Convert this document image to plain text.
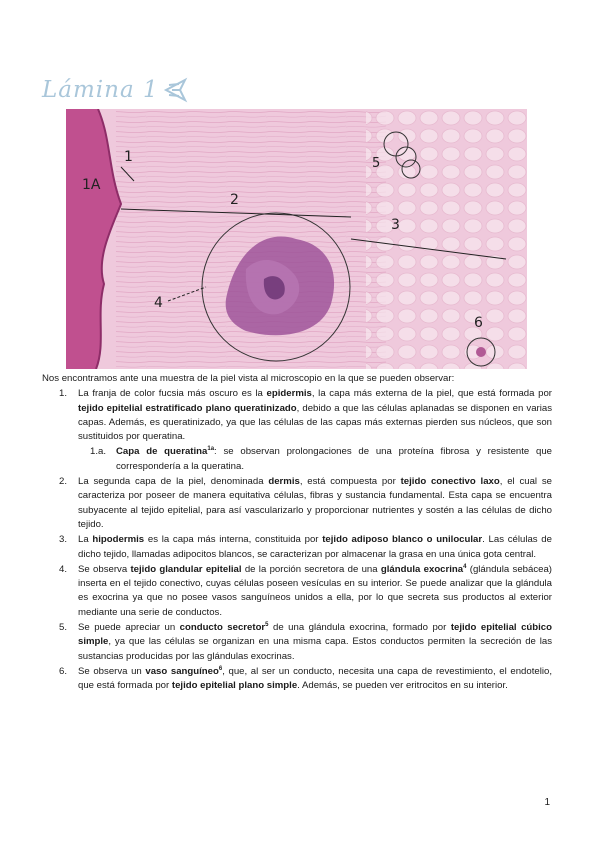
Lámina 1
1A
1
2
3
4
5
6

Nos encontramos ante una muestra de la piel vista al microscopio en la que se pueden observar:

1. La franja de color fucsia más oscuro es la epidermis, la capa más externa de la piel, que está formada por tejido epitelial estratificado plano queratinizado, debido a que las células aplanadas se disponen en varias capas. Además, es queratinizado, ya que las células de las capas más externas pierden sus núcleos, que son sustituidos por queratina.
1.a. Capa de queratina$^{1a}$: se observan prolongaciones de una proteína fibrosa y resistente que correspondería a la queratina.
2. La segunda capa de la piel, denominada dermis, está compuesta por tejido conectivo laxo, el cual se caracteriza por poseer de manera equitativa células, fibras y sustancia fundamental. Esta capa se encuentra subyacente al tejido epitelial, para así vascularizarlo y proporcionar nutrientes y sostén a las células de dicho tejido.
3. La hipodermis es la capa más interna, constituida por tejido adiposo blanco o unilocular. Las células de dicho tejido, llamadas adipocitos blancos, se caracterizan por almacenar la grasa en una única gota central.
4. Se observa tejido glandular epitelial de la porción secretora de una glándula exocrina$^4$ (glándula sebácea) inserta en el tejido conectivo, cuyas células poseen vesículas en su interior. Se puede analizar que la glándula es exocrina ya que no posee vasos sanguíneos unidos a ella, por lo que secreta sus productos al exterior mediante una serie de conductos.
5. Se puede apreciar un conducto secretor$^5$ de una glándula exocrina, formado por tejido epitelial cúbico simple, ya que las células se organizan en una misma capa. Estos conductos permiten la secreción de las sustancias producidas por las glándulas exocrinas.
6. Se observa un vaso sanguíneo$^6$, que, al ser un conducto, necesita una capa de revestimiento, el endotelio, que está formada por tejido epitelial plano simple. Además, se pueden ver eritrocitos en su interior.
1
